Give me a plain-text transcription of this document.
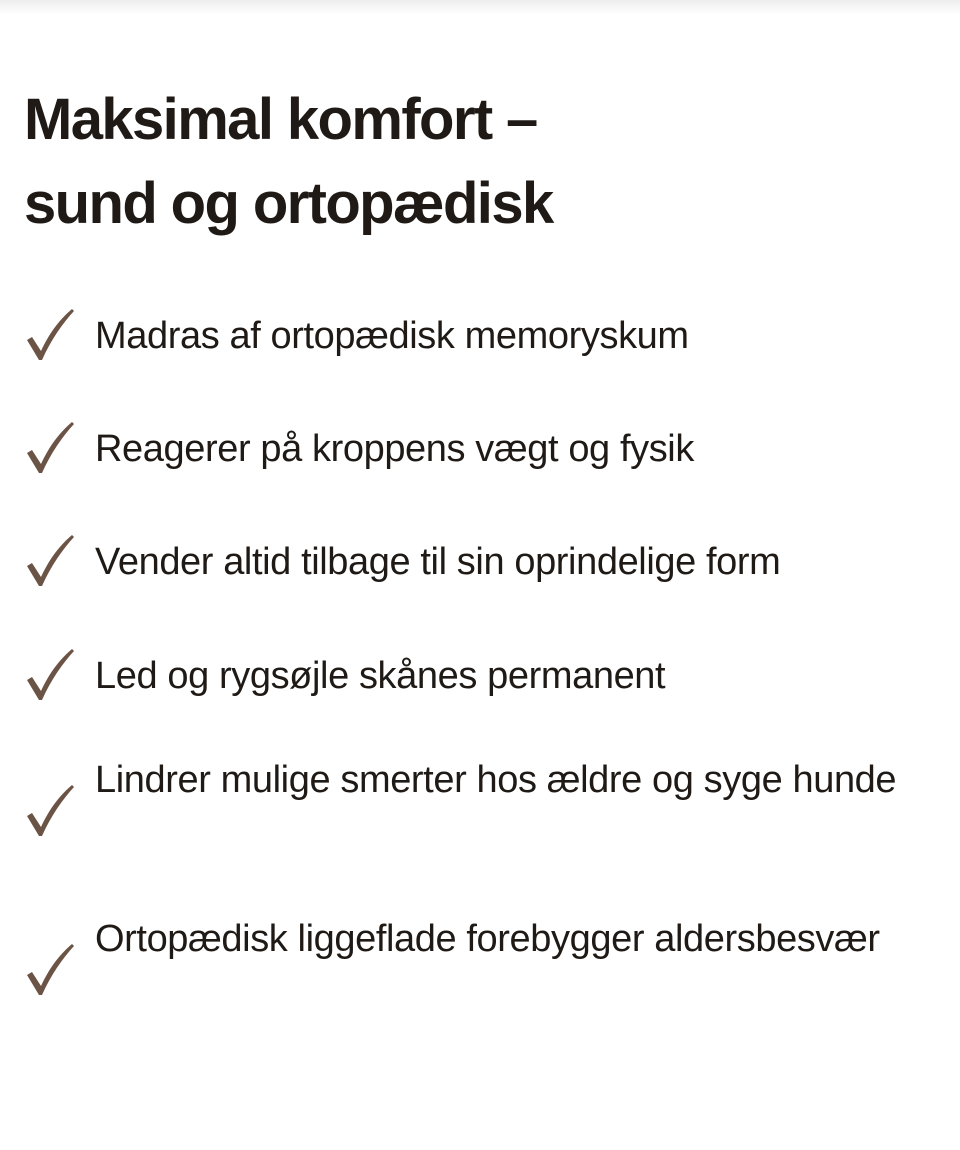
Maksimal komfort –
sund og ortopædisk
Madras af ortopædisk memoryskum
Reagerer på kroppens vægt og fysik
Vender altid tilbage til sin oprindelige form
Led og rygsøjle skånes permanent
Lindrer mulige smerter hos ældre og syge hunde
Ortopædisk liggeflade forebygger aldersbesvær
